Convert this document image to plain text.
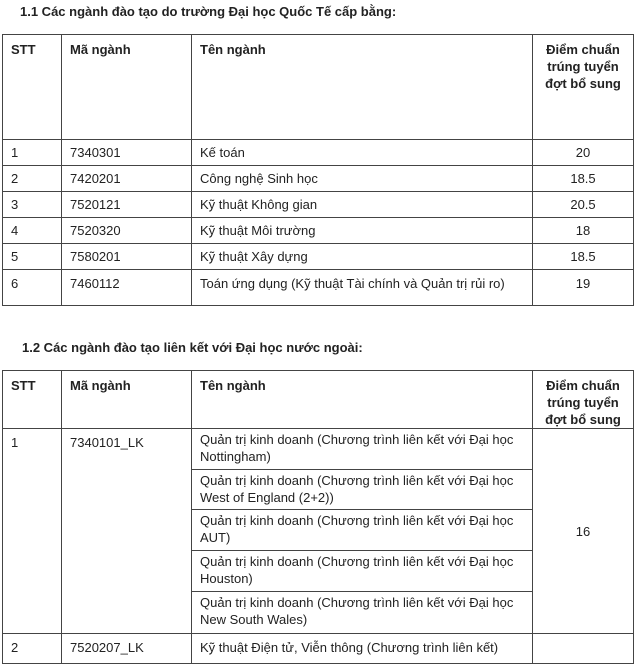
1.1 Các ngành đào tạo do trường Đại học Quốc Tế cấp bằng:
STT	Mã ngành	Tên ngành	Điểm chuẩn trúng tuyển đợt bổ sung
1	7340301	Kế toán	20
2	7420201	Công nghệ Sinh học	18.5
3	7520121	Kỹ thuật Không gian	20.5
4	7520320	Kỹ thuật Môi trường	18
5	7580201	Kỹ thuật Xây dựng	18.5
6	7460112	Toán ứng dụng (Kỹ thuật Tài chính và Quản trị rủi ro)	19
1.2 Các ngành đào tạo liên kết với Đại học nước ngoài:
STT	Mã ngành	Tên ngành	Điểm chuẩn trúng tuyển đợt bổ sung
1	7340101_LK	Quản trị kinh doanh (Chương trình liên kết với Đại học Nottingham)
Quản trị kinh doanh (Chương trình liên kết với Đại học West of England (2+2))
Quản trị kinh doanh (Chương trình liên kết với Đại học AUT)
Quản trị kinh doanh (Chương trình liên kết với Đại học Houston)
Quản trị kinh doanh (Chương trình liên kết với Đại học New South Wales)	16
2	7520207_LK	Kỹ thuật Điện tử, Viễn thông (Chương trình liên kết)	
